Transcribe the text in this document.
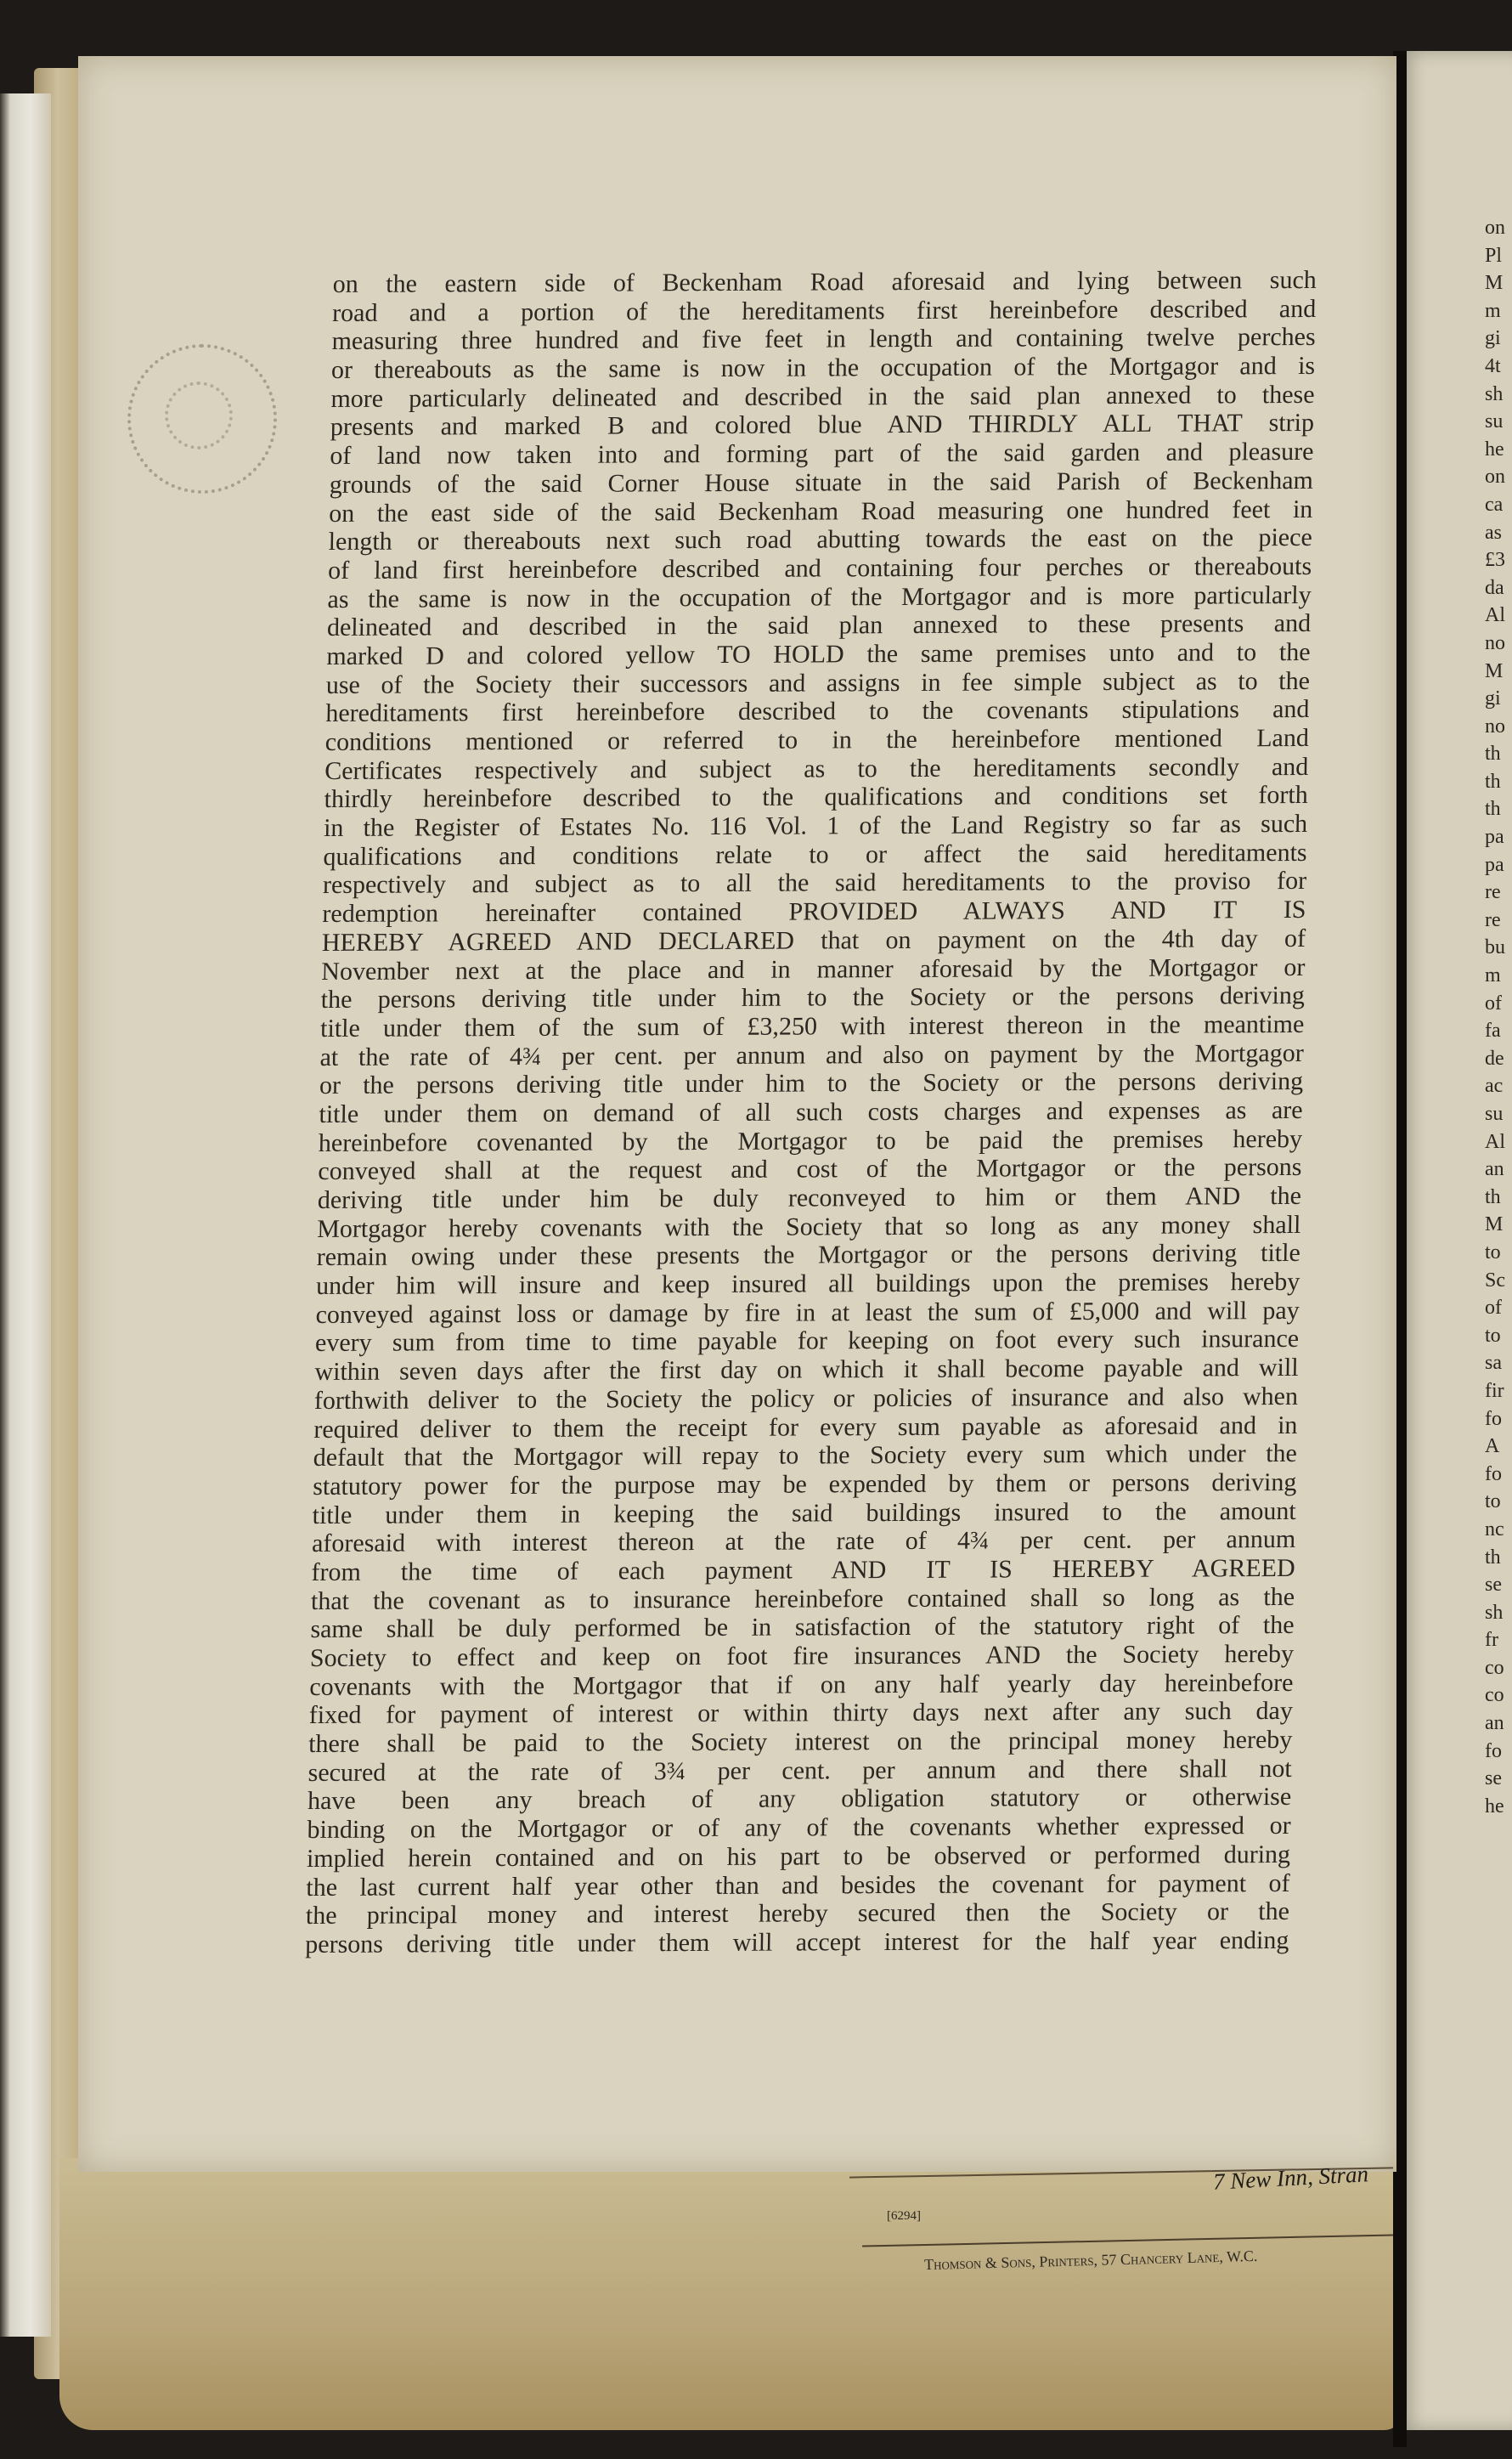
on
Pl
M
m
gi
4t
sh
su
he
on
ca
as
£3
da
Al
no
M
gi
no
th
th
th
pa
pa
re
re
bu
m
of
fa
de
ac
su
Al
an
th
M
to
Sc
of
to
sa
fir
fo
A
fo
to
nc
th
se
sh
fr
co
co
an
fo
se
he
on the eastern side of Beckenham Road aforesaid and lying between such
road and a portion of the hereditaments first hereinbefore described and
measuring three hundred and five feet in length and containing twelve perches
or thereabouts as the same is now in the occupation of the Mortgagor and is
more particularly delineated and described in the said plan annexed to these
presents and marked B and colored blue AND THIRDLY ALL THAT strip
of land now taken into and forming part of the said garden and pleasure
grounds of the said Corner House situate in the said Parish of Beckenham
on the east side of the said Beckenham Road measuring one hundred feet in
length or thereabouts next such road abutting towards the east on the piece
of land first hereinbefore described and containing four perches or thereabouts
as the same is now in the occupation of the Mortgagor and is more particularly
delineated and described in the said plan annexed to these presents and
marked D and colored yellow TO HOLD the same premises unto and to the
use of the Society their successors and assigns in fee simple subject as to the
hereditaments first hereinbefore described to the covenants stipulations and
conditions mentioned or referred to in the hereinbefore mentioned Land
Certificates respectively and subject as to the hereditaments secondly and
thirdly hereinbefore described to the qualifications and conditions set forth
in the Register of Estates No. 116 Vol. 1 of the Land Registry so far as such
qualifications and conditions relate to or affect the said hereditaments
respectively and subject as to all the said hereditaments to the proviso for
redemption hereinafter contained PROVIDED ALWAYS AND IT IS
HEREBY AGREED AND DECLARED that on payment on the 4th day of
November next at the place and in manner aforesaid by the Mortgagor or
the persons deriving title under him to the Society or the persons deriving
title under them of the sum of £3,250 with interest thereon in the meantime
at the rate of 4¾ per cent. per annum and also on payment by the Mortgagor
or the persons deriving title under him to the Society or the persons deriving
title under them on demand of all such costs charges and expenses as are
hereinbefore covenanted by the Mortgagor to be paid the premises hereby
conveyed shall at the request and cost of the Mortgagor or the persons
deriving title under him be duly reconveyed to him or them AND the
Mortgagor hereby covenants with the Society that so long as any money shall
remain owing under these presents the Mortgagor or the persons deriving title
under him will insure and keep insured all buildings upon the premises hereby
conveyed against loss or damage by fire in at least the sum of £5,000 and will pay
every sum from time to time payable for keeping on foot every such insurance
within seven days after the first day on which it shall become payable and will
forthwith deliver to the Society the policy or policies of insurance and also when
required deliver to them the receipt for every sum payable as aforesaid and in
default that the Mortgagor will repay to the Society every sum which under the
statutory power for the purpose may be expended by them or persons deriving
title under them in keeping the said buildings insured to the amount
aforesaid with interest thereon at the rate of 4¾ per cent. per annum
from the time of each payment AND IT IS HEREBY AGREED
that the covenant as to insurance hereinbefore contained shall so long as the
same shall be duly performed be in satisfaction of the statutory right of the
Society to effect and keep on foot fire insurances AND the Society hereby
covenants with the Mortgagor that if on any half yearly day hereinbefore
fixed for payment of interest or within thirty days next after any such day
there shall be paid to the Society interest on the principal money hereby
secured at the rate of 3¾ per cent. per annum and there shall not
have been any breach of any obligation statutory or otherwise
binding on the Mortgagor or of any of the covenants whether expressed or
implied herein contained and on his part to be observed or performed during
the last current half year other than and besides the covenant for payment of
the principal money and interest hereby secured then the Society or the
persons deriving title under them will accept interest for the half year ending
7 New Inn, Stran
[6294]
Thomson & Sons, Printers, 57 Chancery Lane, W.C.
